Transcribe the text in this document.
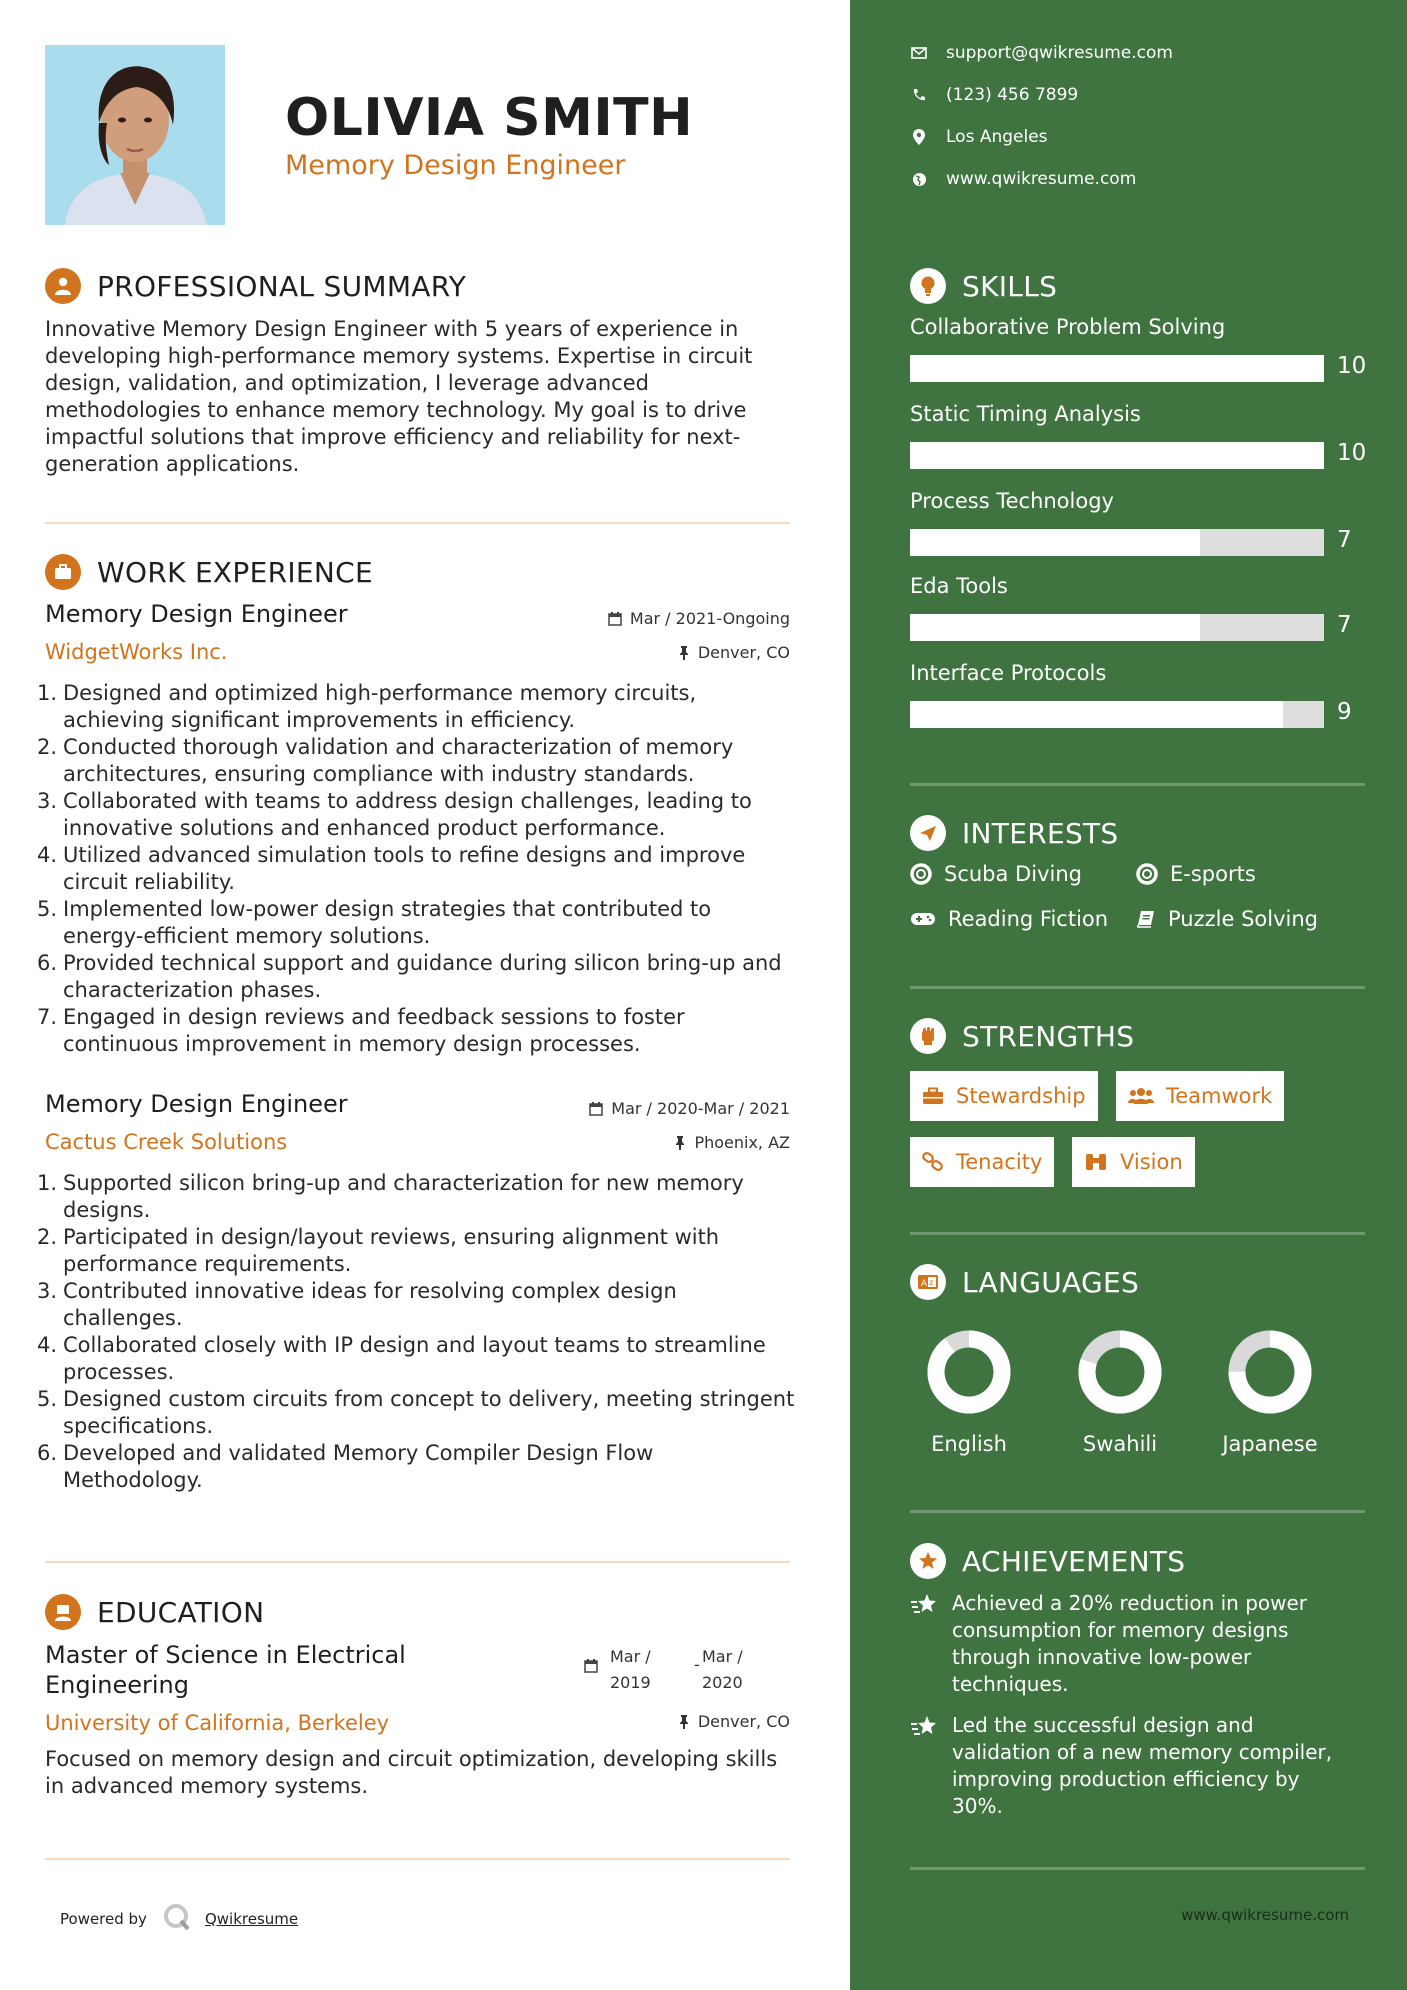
OLIVIA SMITH
Memory Design Engineer
PROFESSIONAL SUMMARY
Innovative Memory Design Engineer with 5 years of experience in
developing high-performance memory systems. Expertise in circuit
design, validation, and optimization, I leverage advanced
methodologies to enhance memory technology. My goal is to drive
impactful solutions that improve efficiency and reliability for next-
generation applications.
WORK EXPERIENCE
Memory Design Engineer	Mar / 2021-Ongoing
WidgetWorks Inc.	Denver, CO
1. Designed and optimized high-performance memory circuits,
achieving significant improvements in efficiency.
2. Conducted thorough validation and characterization of memory
architectures, ensuring compliance with industry standards.
3. Collaborated with teams to address design challenges, leading to
innovative solutions and enhanced product performance.
4. Utilized advanced simulation tools to refine designs and improve
circuit reliability.
5. Implemented low-power design strategies that contributed to
energy-efficient memory solutions.
6. Provided technical support and guidance during silicon bring-up and
characterization phases.
7. Engaged in design reviews and feedback sessions to foster
continuous improvement in memory design processes.
Memory Design Engineer	Mar / 2020-Mar / 2021
Cactus Creek Solutions	Phoenix, AZ
1. Supported silicon bring-up and characterization for new memory
designs.
2. Participated in design/layout reviews, ensuring alignment with
performance requirements.
3. Contributed innovative ideas for resolving complex design
challenges.
4. Collaborated closely with IP design and layout teams to streamline
processes.
5. Designed custom circuits from concept to delivery, meeting stringent
specifications.
6. Developed and validated Memory Compiler Design Flow
Methodology.
EDUCATION
Master of Science in Electrical
Engineering
Mar /
2019
- Mar /
2020
University of California, Berkeley	Denver, CO
Focused on memory design and circuit optimization, developing skills
in advanced memory systems.
Powered by	Qwikresume
support@qwikresume.com
(123) 456 7899
Los Angeles
www.qwikresume.com
SKILLS
Collaborative Problem Solving
10
Static Timing Analysis
10
Process Technology
7
Eda Tools
7
Interface Protocols
9
INTERESTS
Scuba Diving	E-sports
Reading Fiction	Puzzle Solving
STRENGTHS
Stewardship	Teamwork
Tenacity	Vision
A z LANGUAGES
English	Swahili	Japanese
ACHIEVEMENTS
Achieved a 20% reduction in power
consumption for memory designs
through innovative low-power
techniques.
Led the successful design and
validation of a new memory compiler,
improving production efficiency by
30%.
www.qwikresume.com
